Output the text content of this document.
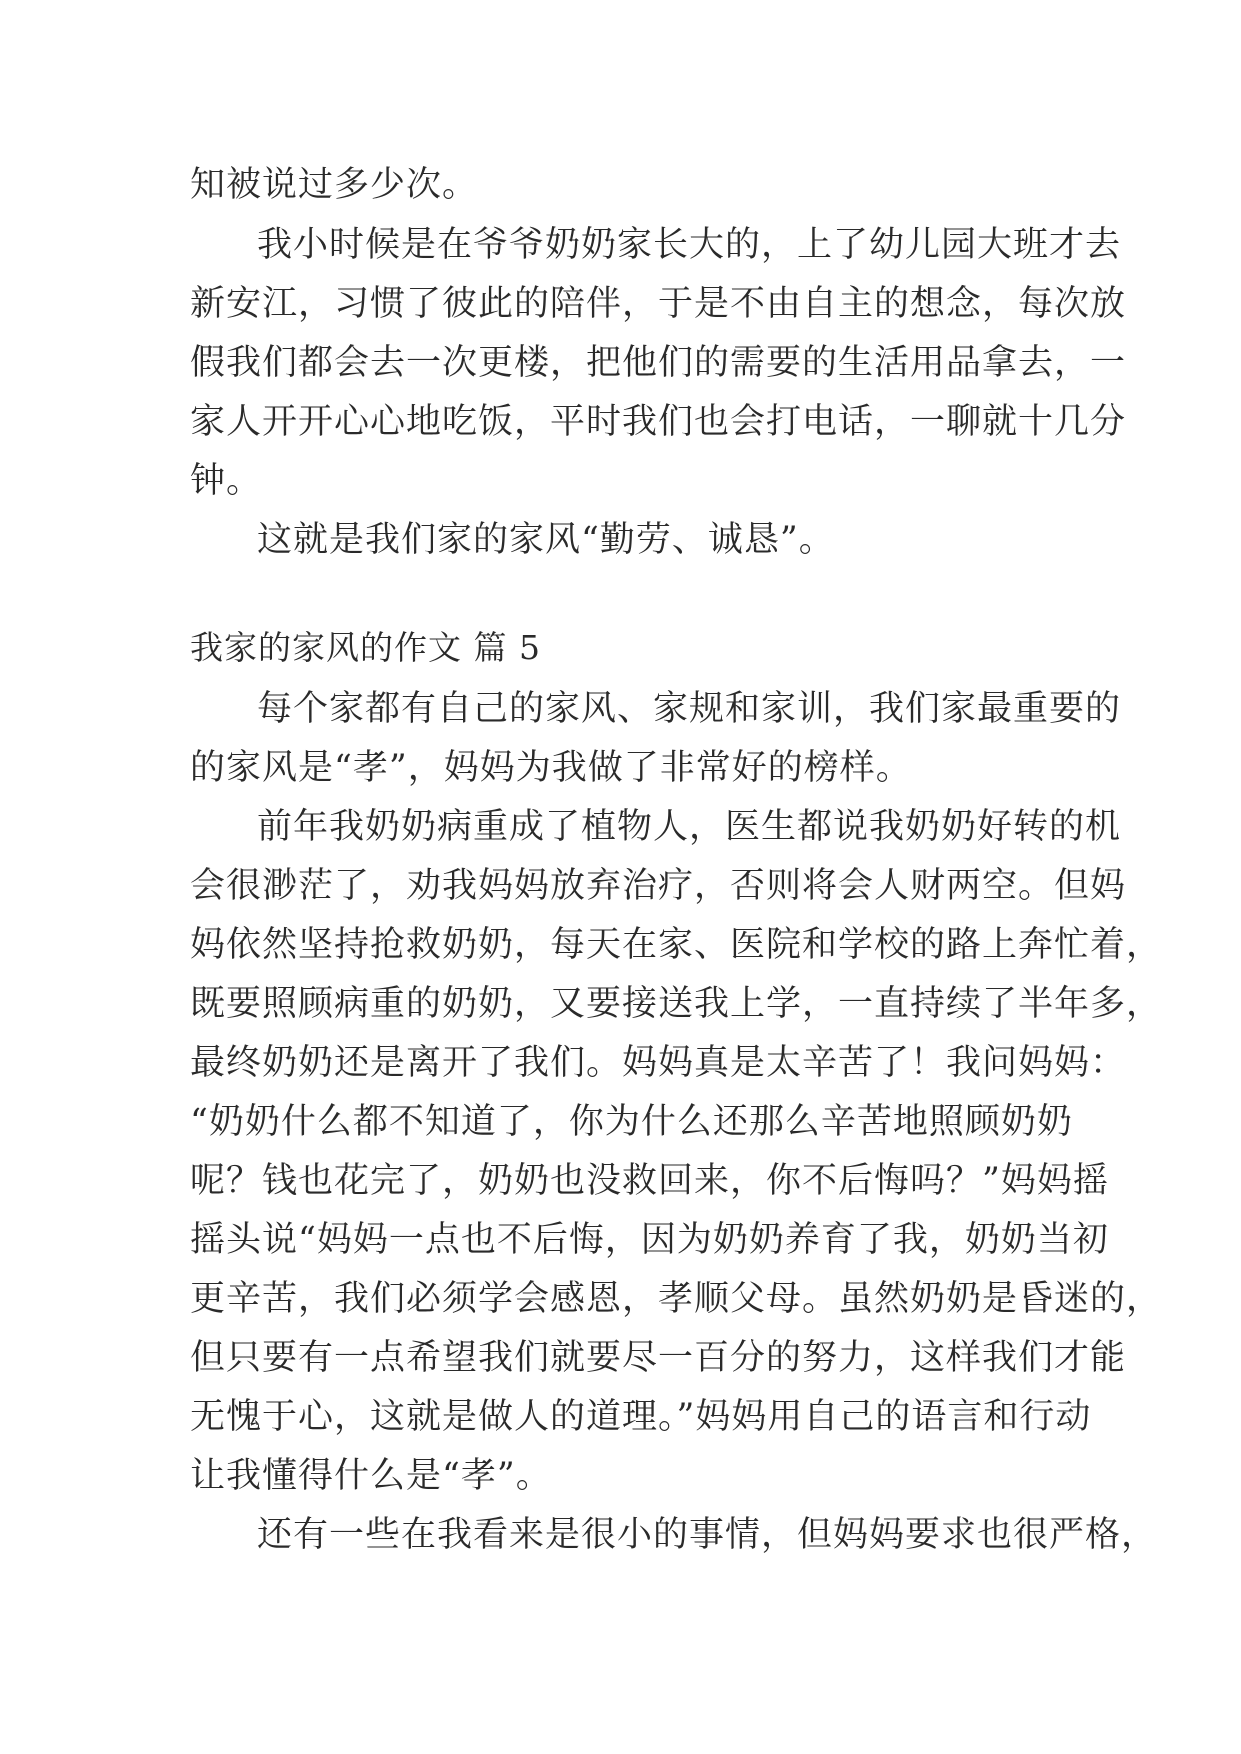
知被说过多少次。
我小时候是在爷爷奶奶家长大的，上了幼儿园大班才去
新安江，习惯了彼此的陪伴，于是不由自主的想念，每次放
假我们都会去一次更楼，把他们的需要的生活用品拿去，一
家人开开心心地吃饭，平时我们也会打电话，一聊就十几分
钟。
这就是我们家的家风“勤劳、诚恳”。
我家的家风的作文 篇 5
每个家都有自己的家风、家规和家训，我们家最重要的
的家风是“孝”，妈妈为我做了非常好的榜样。
前年我奶奶病重成了植物人，医生都说我奶奶好转的机
会很渺茫了，劝我妈妈放弃治疗，否则将会人财两空。但妈
妈依然坚持抢救奶奶，每天在家、医院和学校的路上奔忙着，
既要照顾病重的奶奶，又要接送我上学，一直持续了半年多，
最终奶奶还是离开了我们。妈妈真是太辛苦了！我问妈妈：
“奶奶什么都不知道了，你为什么还那么辛苦地照顾奶奶
呢？钱也花完了，奶奶也没救回来，你不后悔吗？”妈妈摇
摇头说“妈妈一点也不后悔，因为奶奶养育了我，奶奶当初
更辛苦，我们必须学会感恩，孝顺父母。虽然奶奶是昏迷的，
但只要有一点希望我们就要尽一百分的努力，这样我们才能
无愧于心，这就是做人的道理。”妈妈用自己的语言和行动
让我懂得什么是“孝”。
还有一些在我看来是很小的事情，但妈妈要求也很严格，
